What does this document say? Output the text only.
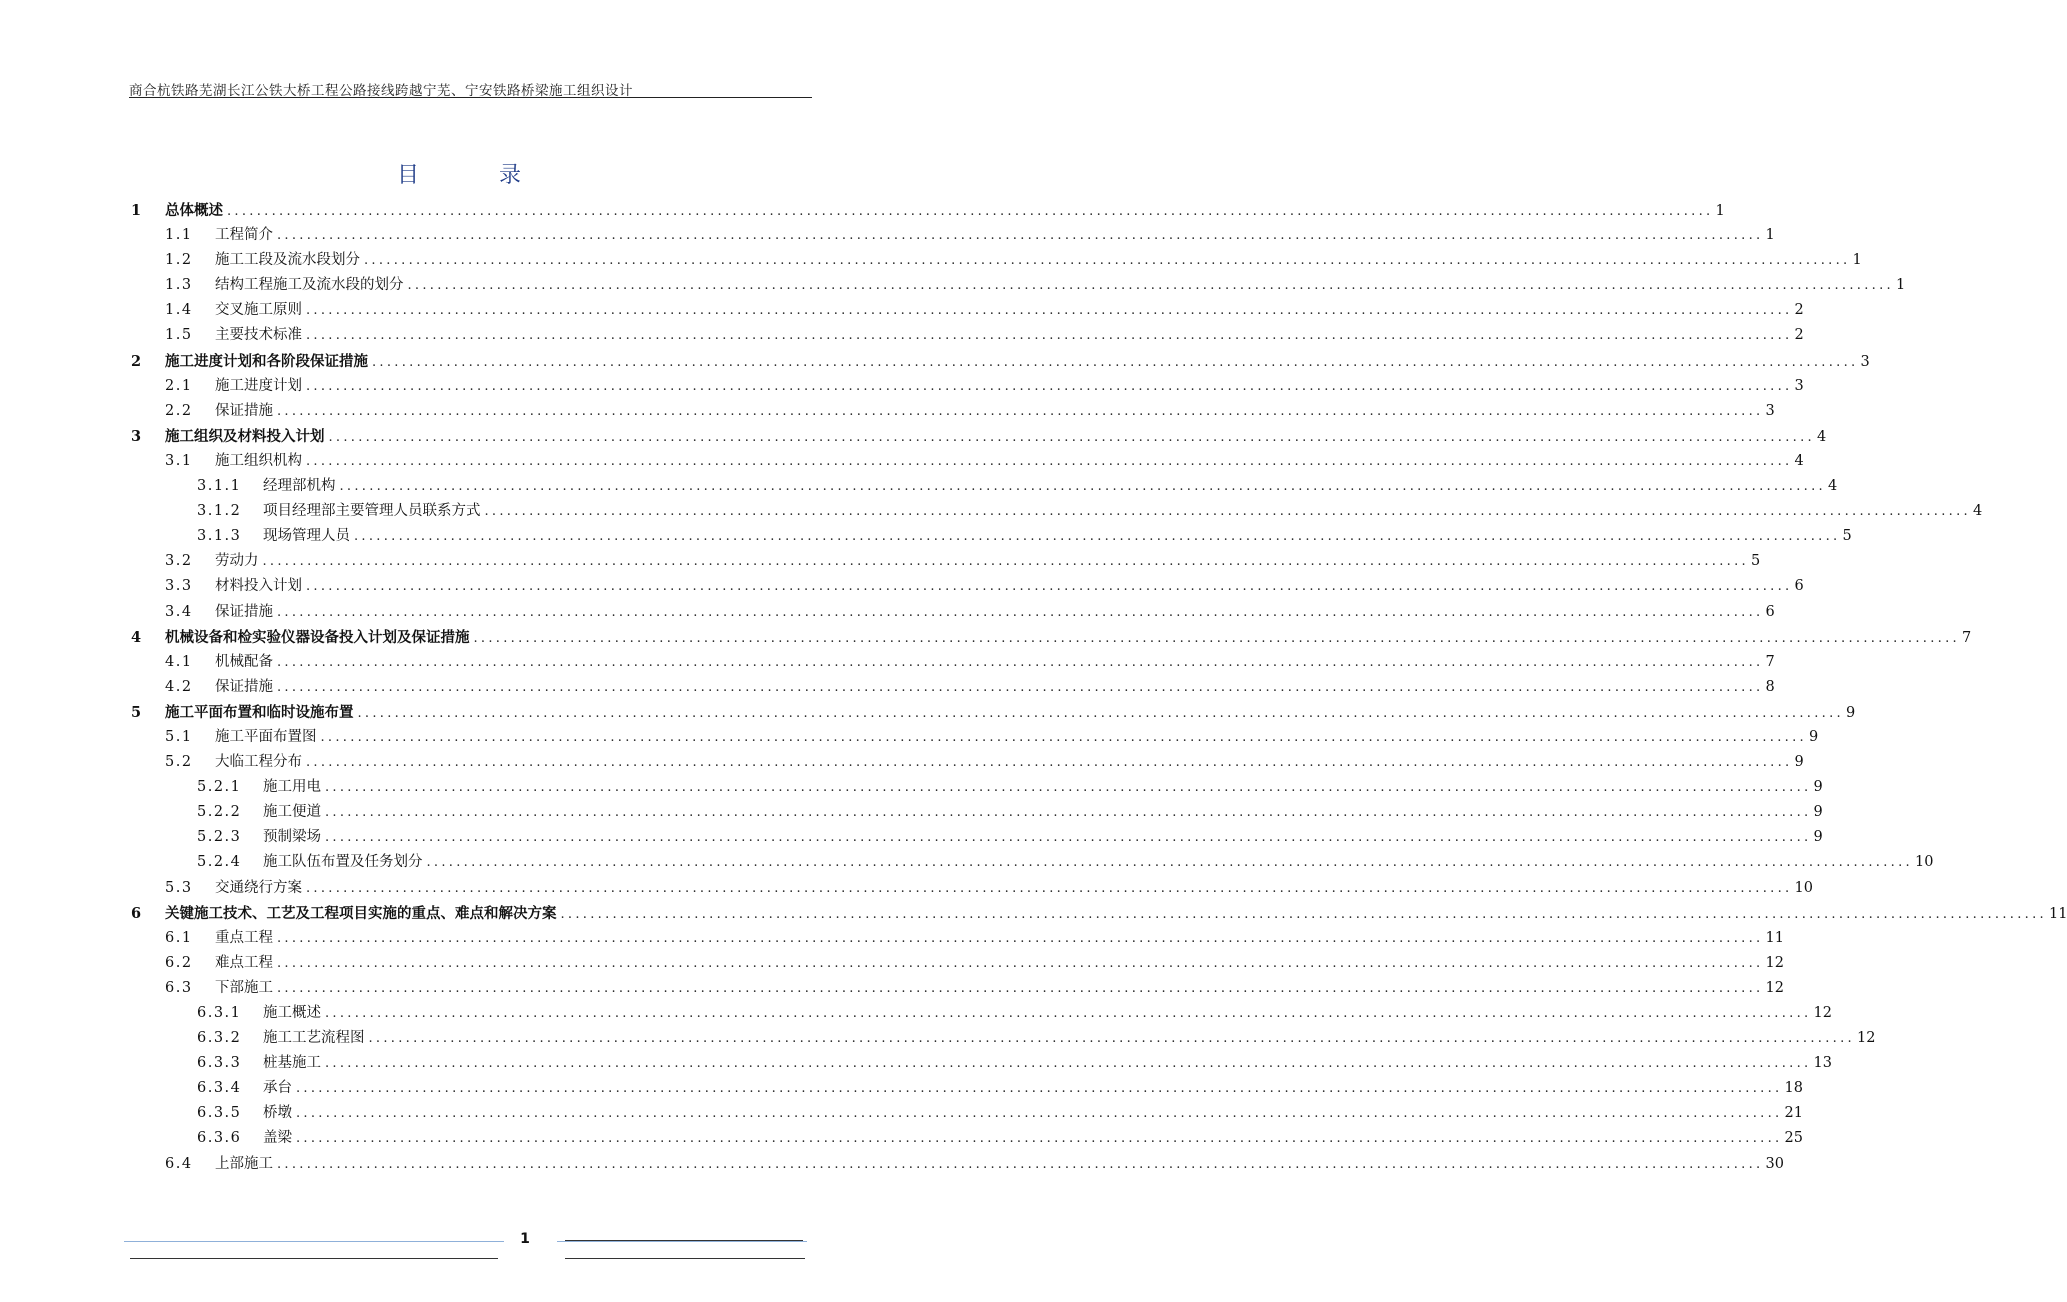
商合杭铁路芜湖长江公铁大桥工程公路接线跨越宁芜、宁安铁路桥梁施工组织设计
目	录
1	总体概述 ........................................................................................................................................................................................................ 1
1.1	工程简介 ........................................................................................................................................................................................................ 1
1.2	施工工段及流水段划分 ........................................................................................................................................................................................................ 1
1.3	结构工程施工及流水段的划分 ........................................................................................................................................................................................................ 1
1.4	交叉施工原则 ........................................................................................................................................................................................................ 2
1.5	主要技术标准 ........................................................................................................................................................................................................ 2
2	施工进度计划和各阶段保证措施 ........................................................................................................................................................................................................ 3
2.1	施工进度计划 ........................................................................................................................................................................................................ 3
2.2	保证措施 ........................................................................................................................................................................................................ 3
3	施工组织及材料投入计划 ........................................................................................................................................................................................................ 4
3.1	施工组织机构 ........................................................................................................................................................................................................ 4
3.1.1	经理部机构 ........................................................................................................................................................................................................ 4
3.1.2	项目经理部主要管理人员联系方式 ........................................................................................................................................................................................................ 4
3.1.3	现场管理人员 ........................................................................................................................................................................................................ 5
3.2	劳动力 ........................................................................................................................................................................................................ 5
3.3	材料投入计划 ........................................................................................................................................................................................................ 6
3.4	保证措施 ........................................................................................................................................................................................................ 6
4	机械设备和检实验仪器设备投入计划及保证措施 ........................................................................................................................................................................................................ 7
4.1	机械配备 ........................................................................................................................................................................................................ 7
4.2	保证措施 ........................................................................................................................................................................................................ 8
5	施工平面布置和临时设施布置 ........................................................................................................................................................................................................ 9
5.1	施工平面布置图 ........................................................................................................................................................................................................ 9
5.2	大临工程分布 ........................................................................................................................................................................................................ 9
5.2.1	施工用电 ........................................................................................................................................................................................................ 9
5.2.2	施工便道 ........................................................................................................................................................................................................ 9
5.2.3	预制梁场 ........................................................................................................................................................................................................ 9
5.2.4	施工队伍布置及任务划分 ........................................................................................................................................................................................................ 10
5.3	交通绕行方案 ........................................................................................................................................................................................................ 10
6	关键施工技术、工艺及工程项目实施的重点、难点和解决方案 ........................................................................................................................................................................................................ 11
6.1	重点工程 ........................................................................................................................................................................................................ 11
6.2	难点工程 ........................................................................................................................................................................................................ 12
6.3	下部施工 ........................................................................................................................................................................................................ 12
6.3.1	施工概述 ........................................................................................................................................................................................................ 12
6.3.2	施工工艺流程图 ........................................................................................................................................................................................................ 12
6.3.3	桩基施工 ........................................................................................................................................................................................................ 13
6.3.4	承台 ........................................................................................................................................................................................................ 18
6.3.5	桥墩 ........................................................................................................................................................................................................ 21
6.3.6	盖梁 ........................................................................................................................................................................................................ 25
6.4	上部施工 ........................................................................................................................................................................................................ 30
1
